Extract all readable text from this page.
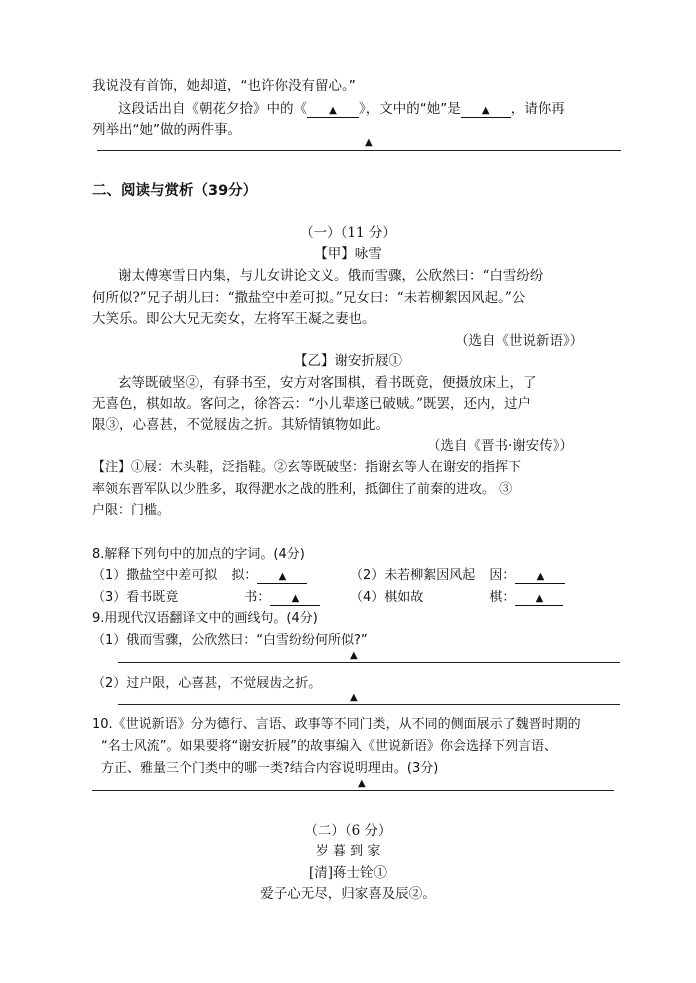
我说没有首饰，她却道，“也许你没有留心。”
这段话出自《朝花夕拾》中的《 ▲ 》，文中的“她”是 ▲ ，请你再
列举出“她”做的两件事。
▲
二、阅读与赏析（39分）
（一）（11 分）
【甲】咏雪
谢太傅寒雪日内集，与儿女讲论文义。俄而雪骤，公欣然曰：“白雪纷纷
何所似?”兄子胡儿曰：“撒盐空中差可拟。”兄女曰：“未若柳絮因风起。”公
大笑乐。即公大兄无奕女，左将军王凝之妻也。
（选自《世说新语》）
【乙】谢安折屐①
玄等既破坚②，有驿书至，安方对客围棋，看书既竟，便摄放床上，了
无喜色，棋如故。客问之，徐答云：“小儿辈遂已破贼。”既罢，还内，过户
限③，心喜甚，不觉屐齿之折。其矫情镇物如此。
（选自《晋书·谢安传》）
【注】①屐：木头鞋，泛指鞋。②玄等既破坚：指谢玄等人在谢安的指挥下
率领东晋军队以少胜多，取得淝水之战的胜利，抵御住了前秦的进攻。 ③
户限：门槛。
8.解释下列句中的加点的字词。(4分)
（1）撒盐空中差可拟 拟： ▲	（2）未若柳絮因风起 因： ▲
（3）看书既竟	书： ▲	（4）棋如故	棋： ▲
9.用现代汉语翻译文中的画线句。(4分)
（1）俄而雪骤，公欣然曰：“白雪纷纷何所似?”
▲
（2）过户限，心喜甚，不觉屐齿之折。
▲
10.《世说新语》分为德行、言语、政事等不同门类，从不同的侧面展示了魏晋时期的
“名士风流”。如果要将“谢安折屐”的故事编入《世说新语》你会选择下列言语、
方正、雅量三个门类中的哪一类?结合内容说明理由。(3分)
▲
（二）（6 分）
岁 暮 到 家
[清]蒋士铨①
爱子心无尽，归家喜及辰②。
